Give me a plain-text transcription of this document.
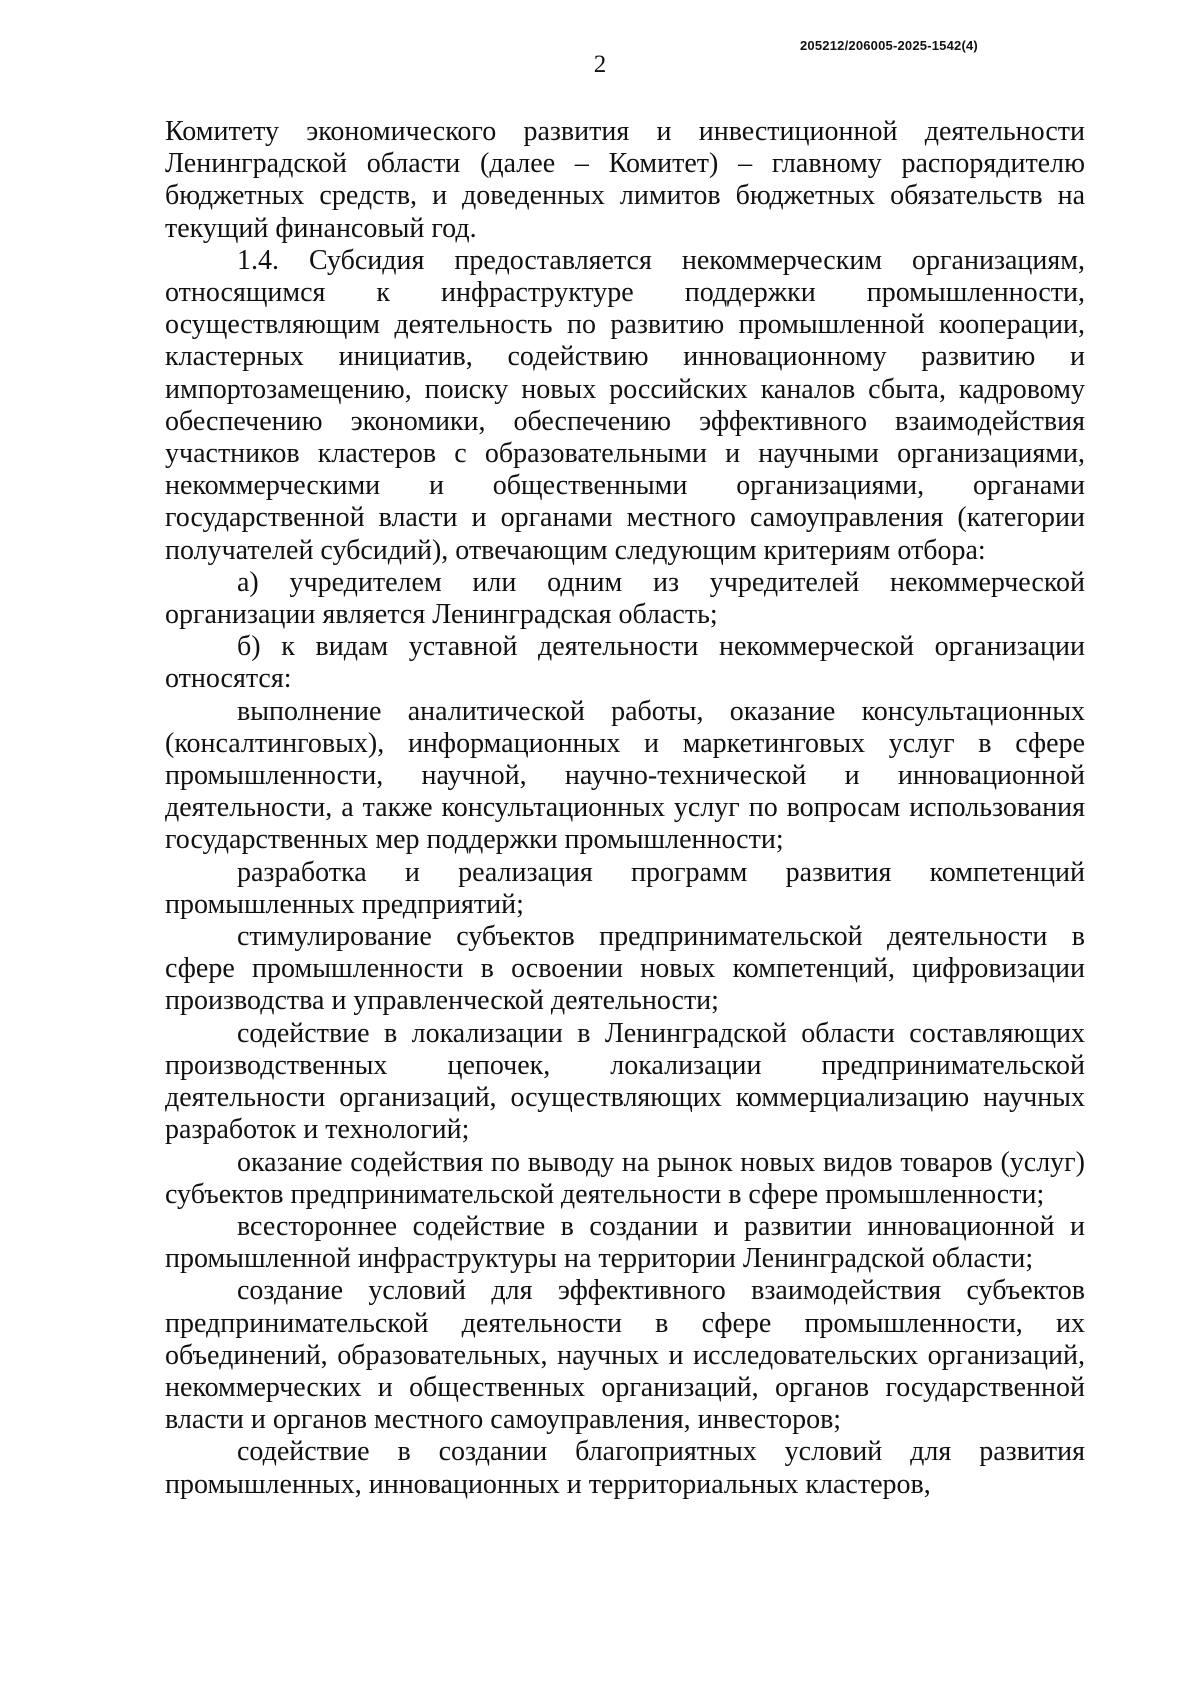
2
205212/206005-2025-1542(4)

Комитету экономического развития и инвестиционной деятельности Ленинградской области (далее – Комитет) – главному распорядителю бюджетных средств, и доведенных лимитов бюджетных обязательств на текущий финансовый год.

1.4. Субсидия предоставляется некоммерческим организациям, относящимся к инфраструктуре поддержки промышленности, осуществляющим деятельность по развитию промышленной кооперации, кластерных инициатив, содействию инновационному развитию и импортозамещению, поиску новых российских каналов сбыта, кадровому обеспечению экономики, обеспечению эффективного взаимодействия участников кластеров с образовательными и научными организациями, некоммерческими и общественными организациями, органами государственной власти и органами местного самоуправления (категории получателей субсидий), отвечающим следующим критериям отбора:

а) учредителем или одним из учредителей некоммерческой организации является Ленинградская область;

б) к видам уставной деятельности некоммерческой организации относятся:

выполнение аналитической работы, оказание консультационных (консалтинговых), информационных и маркетинговых услуг в сфере промышленности, научной, научно-технической и инновационной деятельности, а также консультационных услуг по вопросам использования государственных мер поддержки промышленности;

разработка и реализация программ развития компетенций промышленных предприятий;

стимулирование субъектов предпринимательской деятельности в сфере промышленности в освоении новых компетенций, цифровизации производства и управленческой деятельности;

содействие в локализации в Ленинградской области составляющих производственных цепочек, локализации предпринимательской деятельности организаций, осуществляющих коммерциализацию научных разработок и технологий;

оказание содействия по выводу на рынок новых видов товаров (услуг) субъектов предпринимательской деятельности в сфере промышленности;

всестороннее содействие в создании и развитии инновационной и промышленной инфраструктуры на территории Ленинградской области;

создание условий для эффективного взаимодействия субъектов предпринимательской деятельности в сфере промышленности, их объединений, образовательных, научных и исследовательских организаций, некоммерческих и общественных организаций, органов государственной власти и органов местного самоуправления, инвесторов;

содействие в создании благоприятных условий для развития промышленных, инновационных и территориальных кластеров,
